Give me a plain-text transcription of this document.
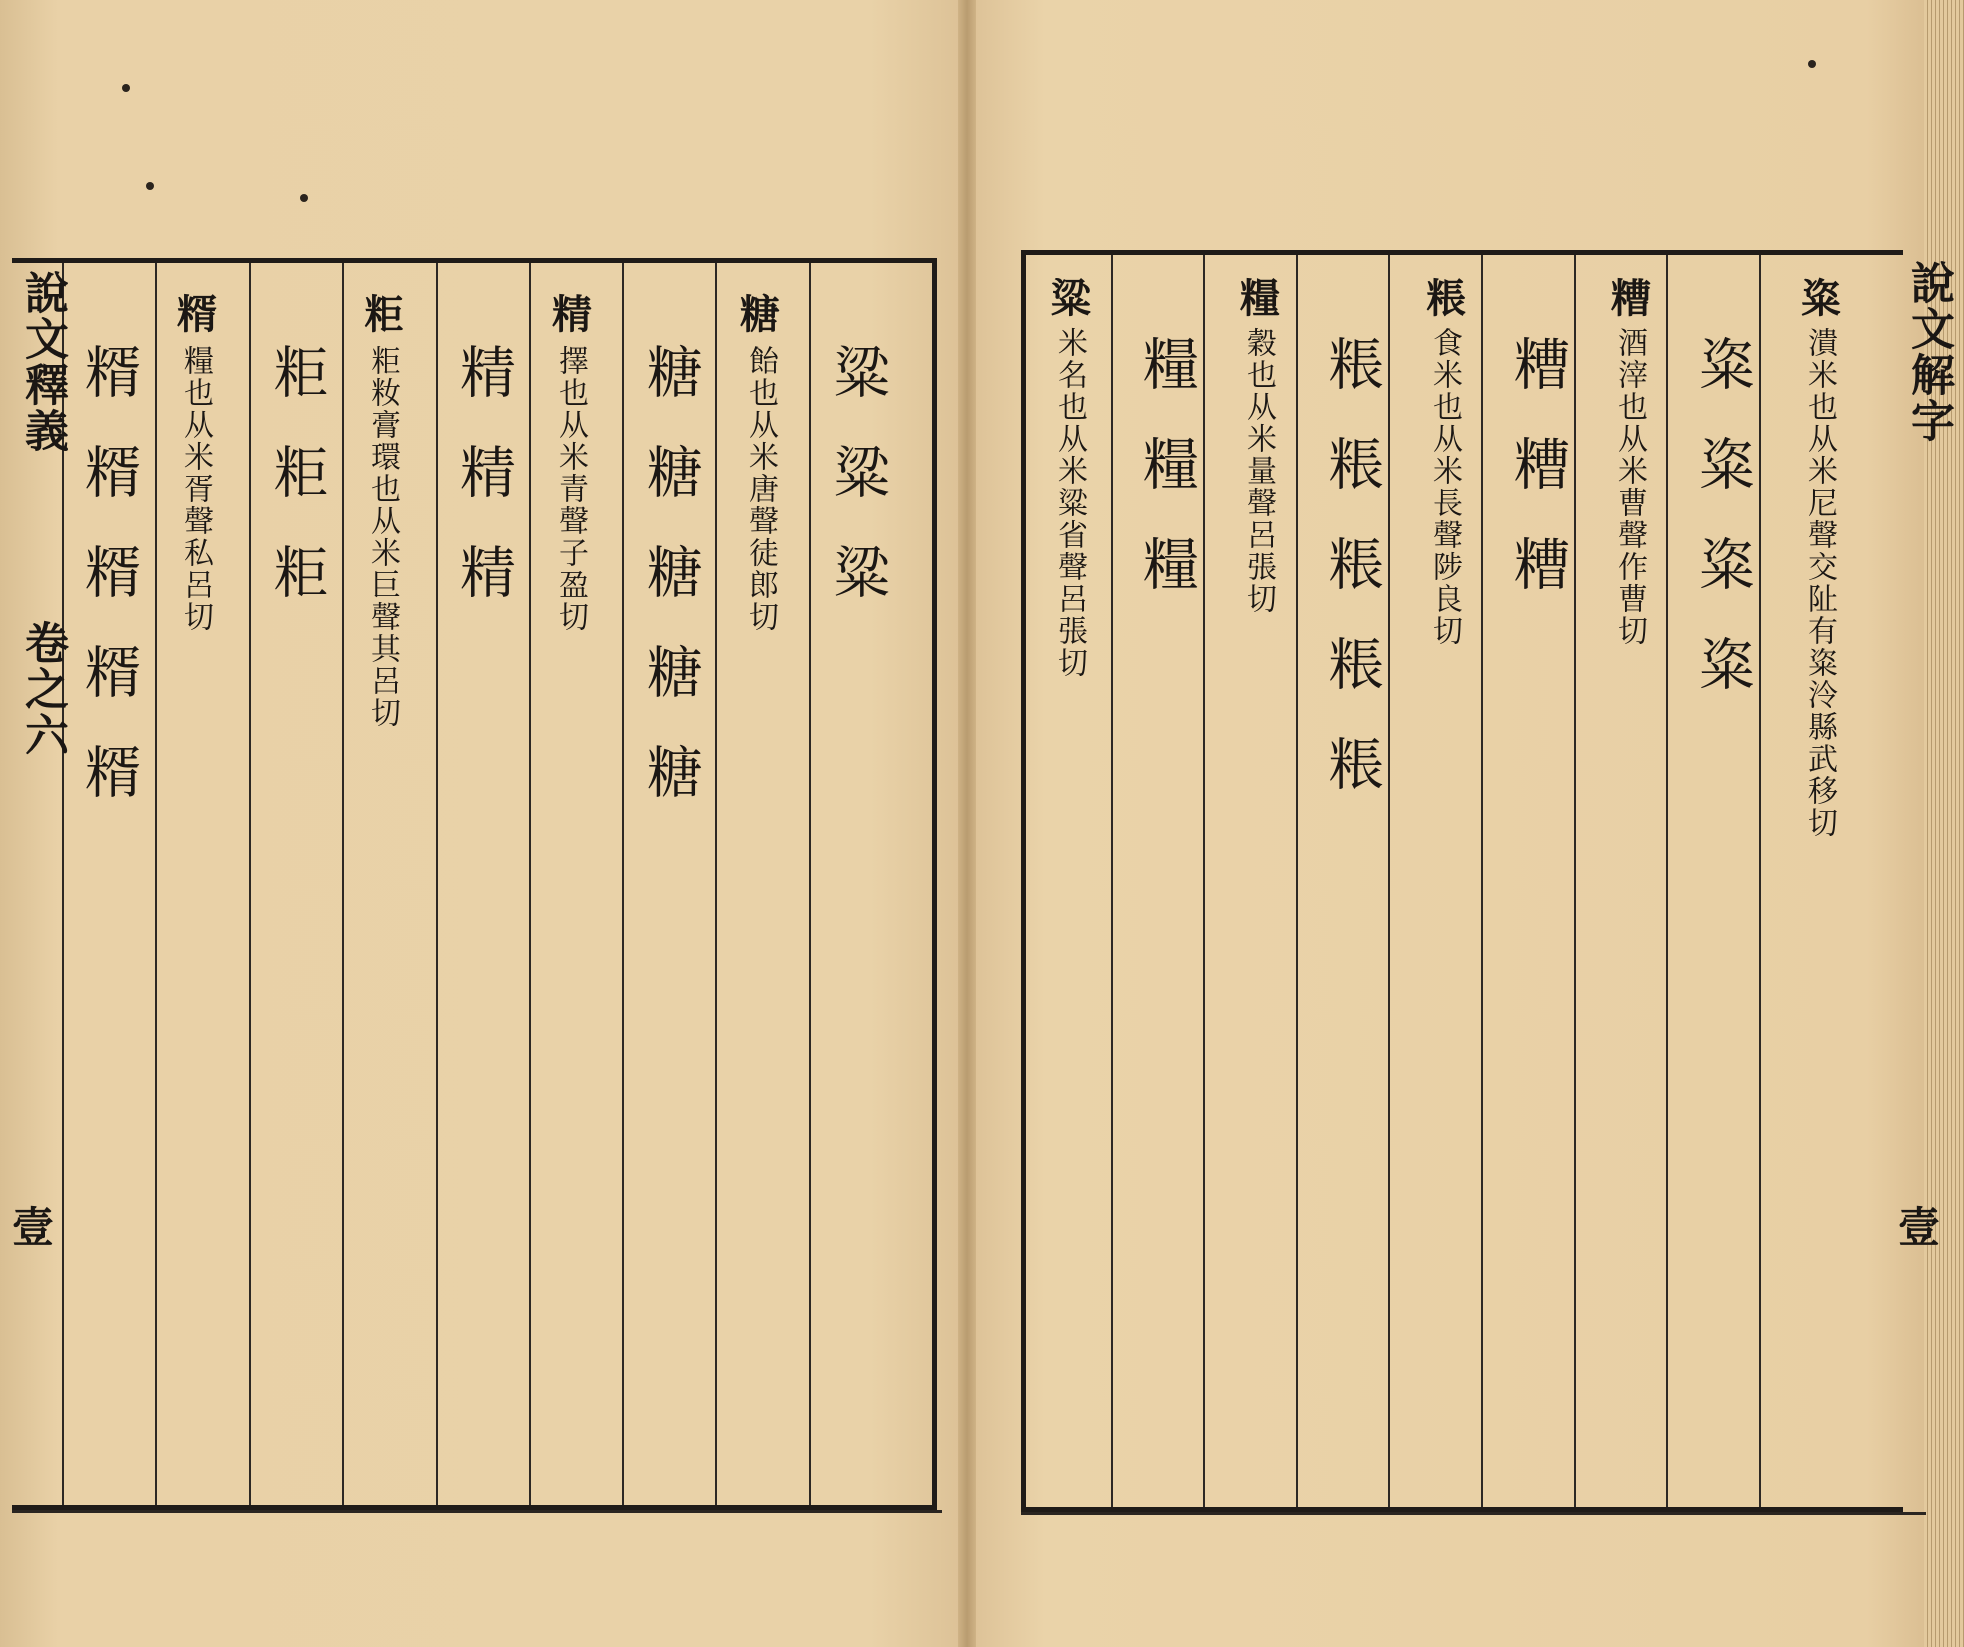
粱粱粱
糖
飴也从米唐聲徒郎切
糖糖糖糖糖
精
擇也从米青聲子盈切
精精精
粔
粔籹膏環也从米巨聲其呂切
粔粔粔
糈
糧也从米胥聲私呂切
糈糈糈糈糈
說文釋義
卷之六
壹
粢
潰米也从米尼聲交阯有粢泠縣武移切
粢粢粢粢
糟
酒滓也从米曹聲作曹切
糟糟糟
粻
食米也从米長聲陟良切
粻粻粻粻粻
糧
穀也从米量聲呂張切
糧糧糧
粱
米名也从米粱省聲呂張切	說文解字
壹
